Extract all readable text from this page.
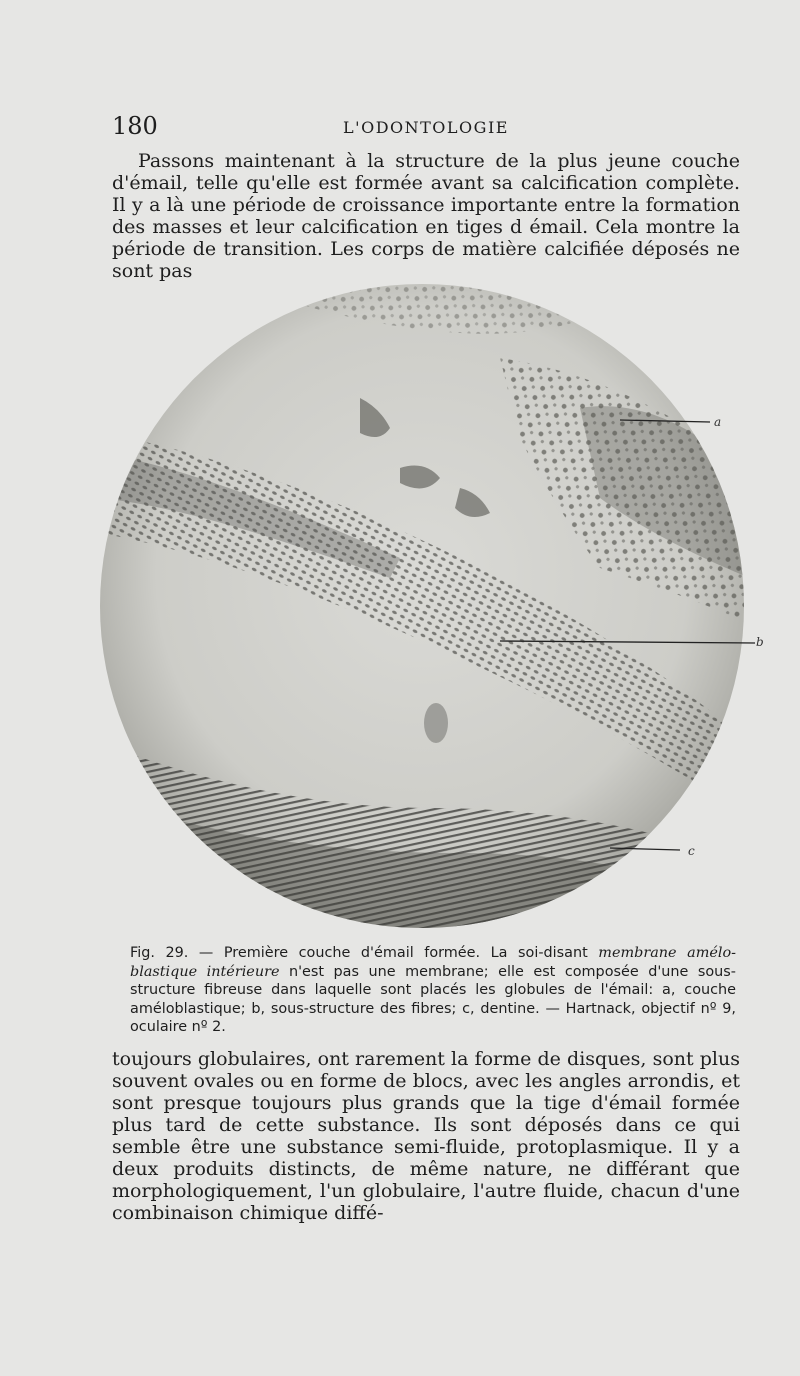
180	L'ODONTOLOGIE

Passons maintenant à la structure de la plus jeune couche d'émail, telle qu'elle est formée avant sa calcification complète. Il y a là une période de croissance importante entre la formation des masses et leur calcification en tiges d émail. Cela montre la période de transition. Les corps de matière calcifiée déposés ne sont pas

a
b
c

Fig. 29. — Première couche d'émail formée. La soi-disant membrane amélo-blastique intérieure n'est pas une membrane; elle est composée d'une sous-structure fibreuse dans laquelle sont placés les globules de l'émail: a, couche améloblastique; b, sous-structure des fibres; c, dentine. — Hartnack, objectif nº 9, oculaire nº 2.

toujours globulaires, ont rarement la forme de disques, sont plus souvent ovales ou en forme de blocs, avec les angles arrondis, et sont presque toujours plus grands que la tige d'émail formée plus tard de cette substance. Ils sont déposés dans ce qui semble être une substance semi-fluide, protoplasmique. Il y a deux produits distincts, de même nature, ne différant que morphologiquement, l'un globulaire, l'autre fluide, chacun d'une combinaison chimique diffé-
